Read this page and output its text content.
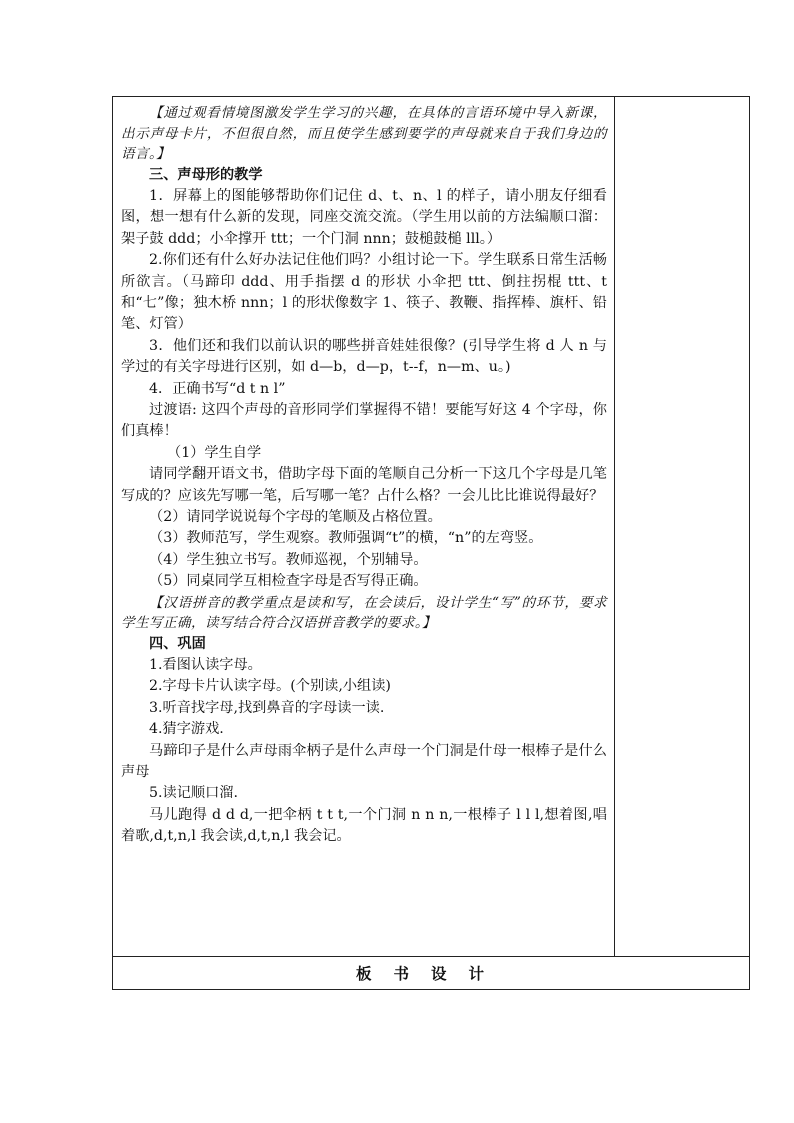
【通过观看情境图激发学生学习的兴趣，在具体的言语环境中导入新课，出示声母卡片，不但很自然，而且使学生感到要学的声母就来自于我们身边的语言。】

三、声母形的教学

1．屏幕上的图能够帮助你们记住 d、t、n、l 的样子，请小朋友仔细看图，想一想有什么新的发现，同座交流交流。（学生用以前的方法编顺口溜：架子鼓 ddd；小伞撑开 ttt；一个门洞 nnn；鼓槌鼓槌 lll。）

2.你们还有什么好办法记住他们吗？小组讨论一下。学生联系日常生活畅所欲言。（马蹄印 ddd、用手指摆 d 的形状 小伞把 ttt、倒拄拐棍 ttt、t 和“七”像；独木桥 nnn；l 的形状像数字 1、筷子、教鞭、指挥棒、旗杆、铅笔、灯管）

3．他们还和我们以前认识的哪些拼音娃娃很像？(引导学生将 d 人 n 与学过的有关字母进行区别，如 d—b，d—p，t--f，n—m、u。)

4．正确书写“d t n l”

过渡语: 这四个声母的音形同学们掌握得不错！要能写好这 4 个字母，你们真棒！

（1）学生自学

请同学翻开语文书，借助字母下面的笔顺自己分析一下这几个字母是几笔写成的？应该先写哪一笔，后写哪一笔？占什么格？一会儿比比谁说得最好？

（2）请同学说说每个字母的笔顺及占格位置。

（3）教师范写，学生观察。教师强调“t”的横，“n”的左弯竖。

（4）学生独立书写。教师巡视，个别辅导。

（5）同桌同学互相检查字母是否写得正确。

【汉语拼音的教学重点是读和写，在会读后，设计学生“写”的环节，要求学生写正确，读写结合符合汉语拼音教学的要求。】

四、巩固

1.看图认读字母。

2.字母卡片认读字母。(个别读,小组读)

3.听音找字母,找到鼻音的字母读一读.

4.猜字游戏.

马蹄印子是什么声母雨伞柄子是什么声母一个门洞是什母一根棒子是什么声母

5.读记顺口溜.

马儿跑得 d d d,一把伞柄 t t t,一个门洞 n n n,一根棒子 l l l,想着图,唱着歌,d,t,n,l 我会读,d,t,n,l 我会记。

板书设计
